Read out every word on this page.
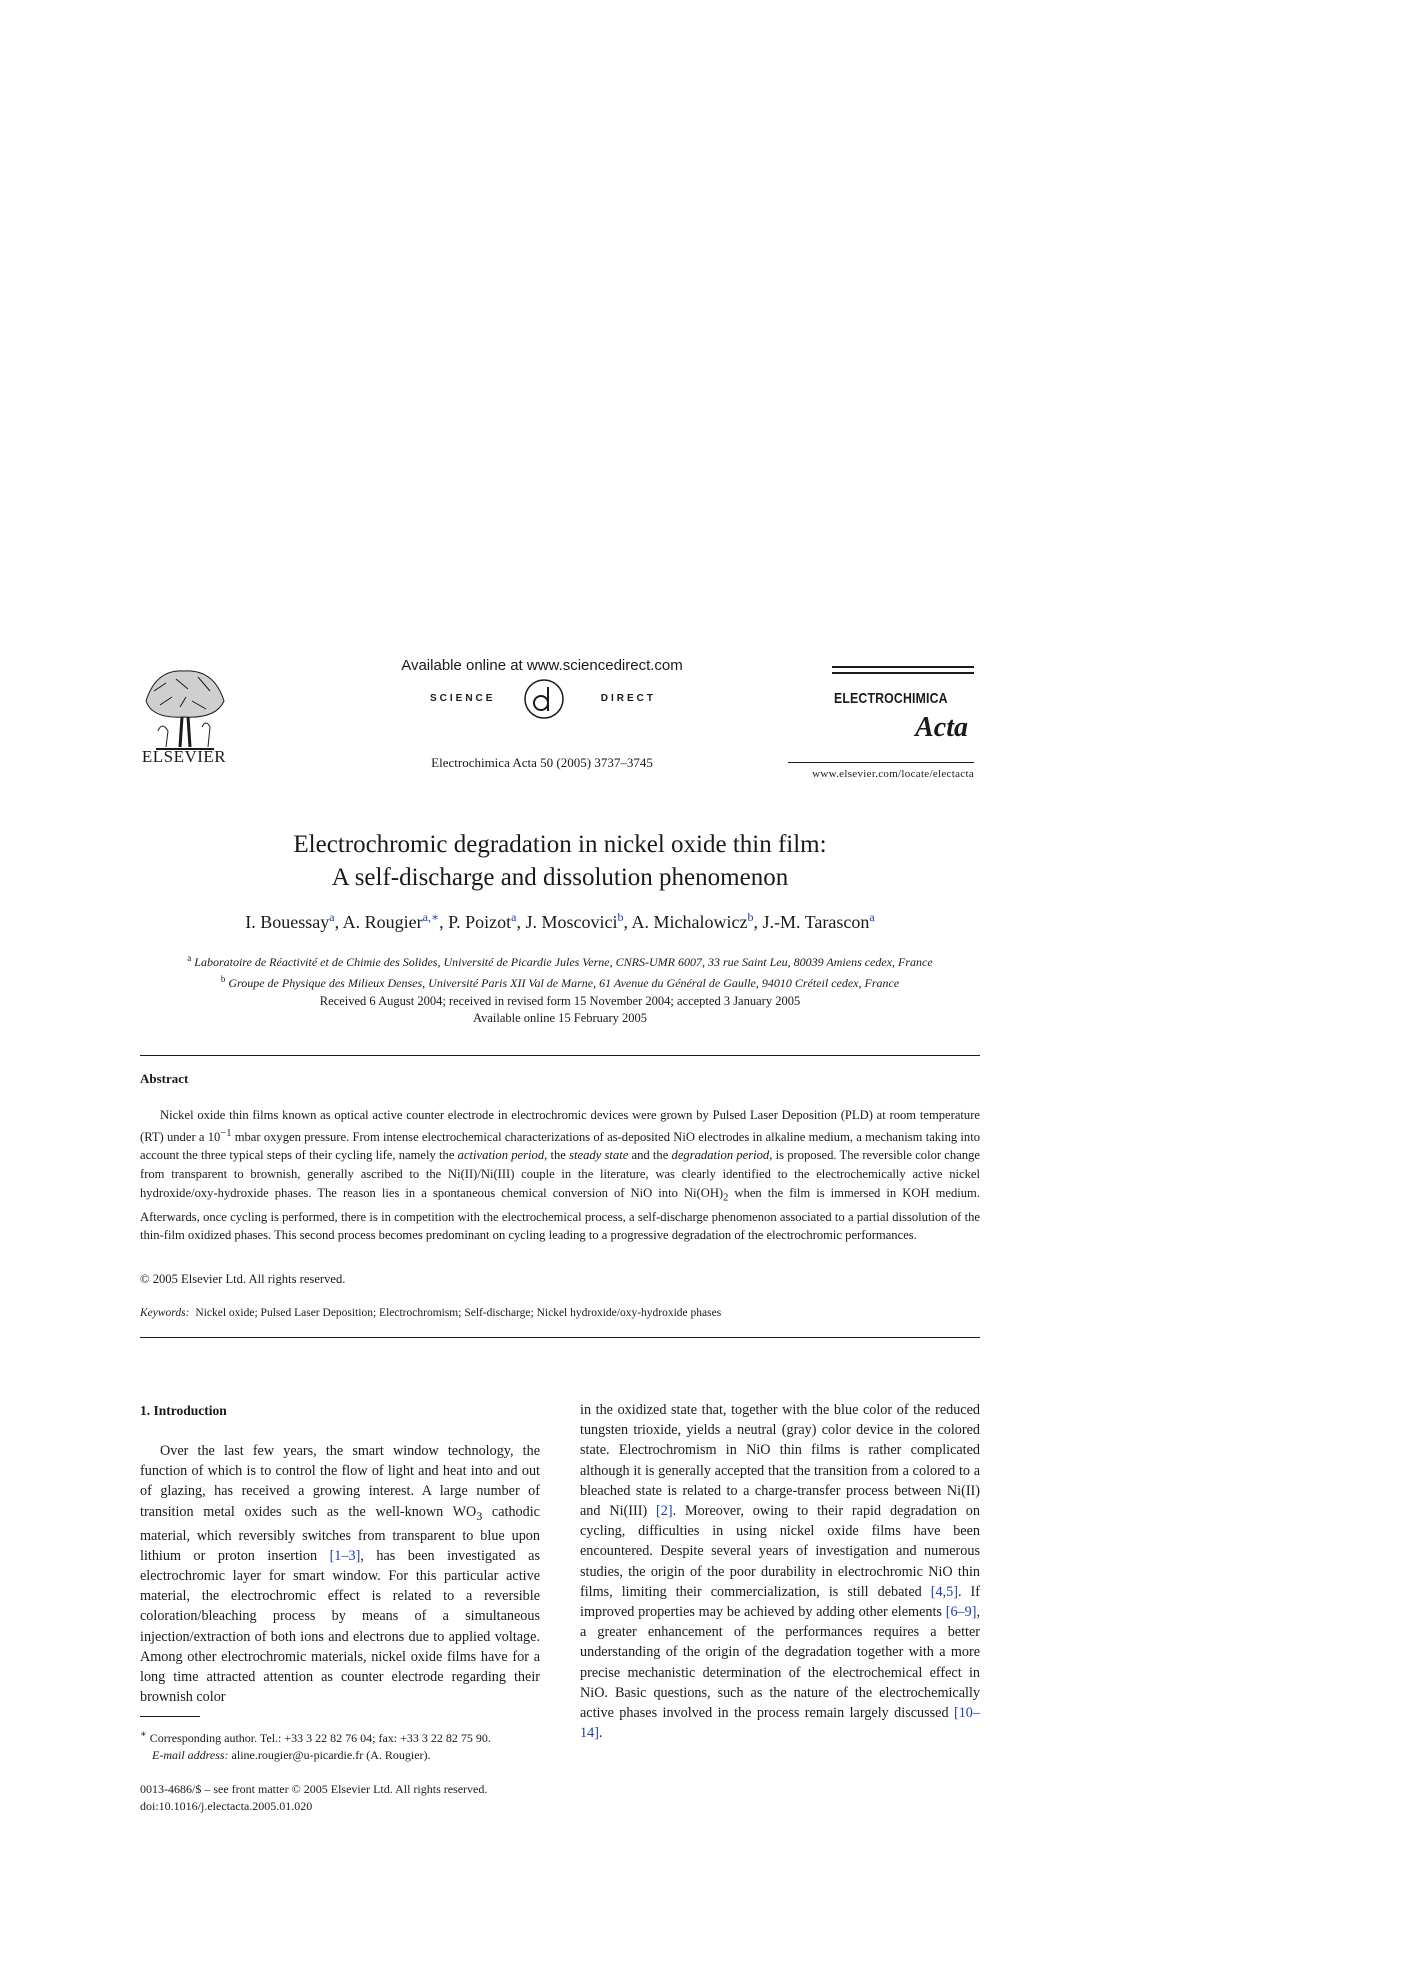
ELSEVIER
Available online at www.sciencedirect.com
SCIENCE	DIRECT
Electrochimica Acta 50 (2005) 3737–3745
ELECTROCHIMICA
Acta
www.elsevier.com/locate/electacta
Electrochromic degradation in nickel oxide thin film:
A self-discharge and dissolution phenomenon
I. Bouessay$^a$, A. Rougier$^{a,∗}$, P. Poizot$^a$, J. Moscovici$^b$, A. Michalowicz$^b$, J.-M. Tarascon$^a$
$^a$ Laboratoire de Réactivité et de Chimie des Solides, Université de Picardie Jules Verne, CNRS-UMR 6007, 33 rue Saint Leu, 80039 Amiens cedex, France
$^b$ Groupe de Physique des Milieux Denses, Université Paris XII Val de Marne, 61 Avenue du Général de Gaulle, 94010 Créteil cedex, France
Received 6 August 2004; received in revised form 15 November 2004; accepted 3 January 2005
Available online 15 February 2005
Abstract
Nickel oxide thin films known as optical active counter electrode in electrochromic devices were grown by Pulsed Laser Deposition (PLD) at room temperature (RT) under a $10^{-1}$ mbar oxygen pressure. From intense electrochemical characterizations of as-deposited NiO electrodes in alkaline medium, a mechanism taking into account the three typical steps of their cycling life, namely the activation period, the steady state and the degradation period, is proposed. The reversible color change from transparent to brownish, generally ascribed to the Ni(II)/Ni(III) couple in the literature, was clearly identified to the electrochemically active nickel hydroxide/oxy-hydroxide phases. The reason lies in a spontaneous chemical conversion of NiO into $Ni(OH)_2$ when the film is immersed in KOH medium. Afterwards, once cycling is performed, there is in competition with the electrochemical process, a self-discharge phenomenon associated to a partial dissolution of the thin-film oxidized phases. This second process becomes predominant on cycling leading to a progressive degradation of the electrochromic performances.
© 2005 Elsevier Ltd. All rights reserved.
Keywords: Nickel oxide; Pulsed Laser Deposition; Electrochromism; Self-discharge; Nickel hydroxide/oxy-hydroxide phases
1. Introduction
Over the last few years, the smart window technology, the function of which is to control the flow of light and heat into and out of glazing, has received a growing interest. A large number of transition metal oxides such as the well-known $WO_3$ cathodic material, which reversibly switches from transparent to blue upon lithium or proton insertion [1–3], has been investigated as electrochromic layer for smart window. For this particular active material, the electrochromic effect is related to a reversible coloration/bleaching process by means of a simultaneous injection/extraction of both ions and electrons due to applied voltage. Among other electrochromic materials, nickel oxide films have for a long time attracted attention as counter electrode regarding their brownish color
in the oxidized state that, together with the blue color of the reduced tungsten trioxide, yields a neutral (gray) color device in the colored state. Electrochromism in NiO thin films is rather complicated although it is generally accepted that the transition from a colored to a bleached state is related to a charge-transfer process between Ni(II) and Ni(III) [2]. Moreover, owing to their rapid degradation on cycling, difficulties in using nickel oxide films have been encountered. Despite several years of investigation and numerous studies, the origin of the poor durability in electrochromic NiO thin films, limiting their commercialization, is still debated [4,5]. If improved properties may be achieved by adding other elements [6–9], a greater enhancement of the performances requires a better understanding of the origin of the degradation together with a more precise mechanistic determination of the electrochemical effect in NiO. Basic questions, such as the nature of the electrochemically active phases involved in the process remain largely discussed [10–14].
∗ Corresponding author. Tel.: +33 3 22 82 76 04; fax: +33 3 22 82 75 90.
E-mail address: aline.rougier@u-picardie.fr (A. Rougier).
0013-4686/$ – see front matter © 2005 Elsevier Ltd. All rights reserved.
doi:10.1016/j.electacta.2005.01.020
